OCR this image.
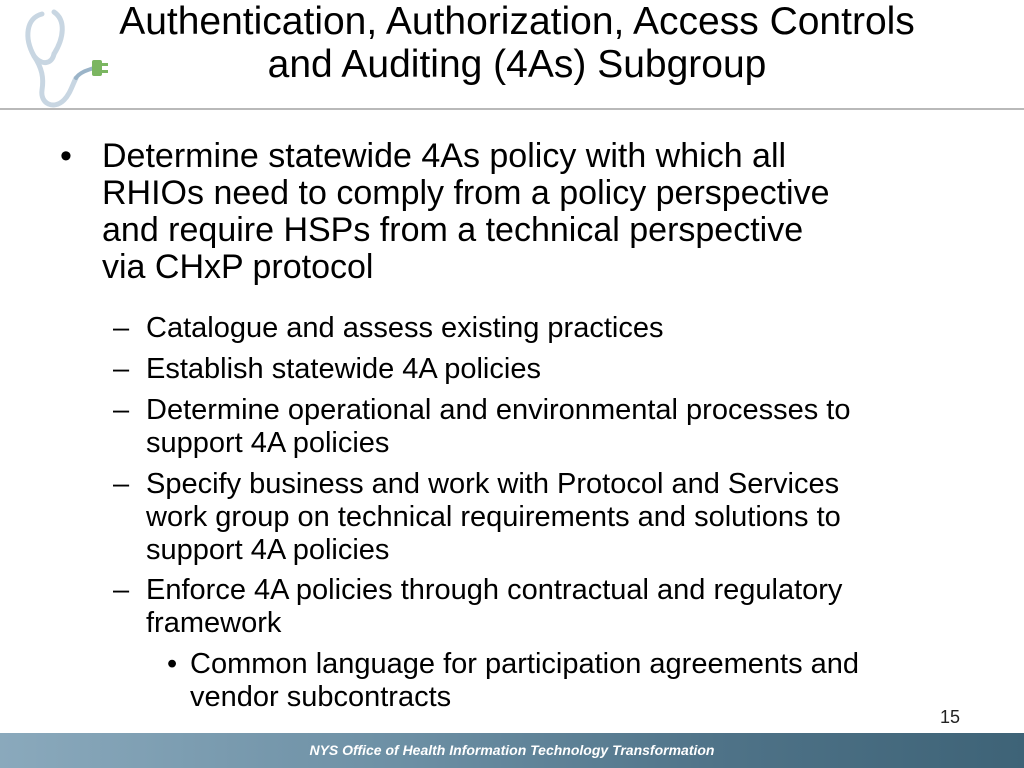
Authentication, Authorization, Access Controls
and Auditing (4As) Subgroup
• Determine statewide 4As policy with which all
RHIOs need to comply from a policy perspective
and require HSPs from a technical perspective
via CHxP protocol
– Catalogue and assess existing practices
– Establish statewide 4A policies
– Determine operational and environmental processes to
support 4A policies
– Specify business and work with Protocol and Services
work group on technical requirements and solutions to
support 4A policies
– Enforce 4A policies through contractual and regulatory
framework
• Common language for participation agreements and
vendor subcontracts
15
NYS Office of Health Information Technology Transformation
